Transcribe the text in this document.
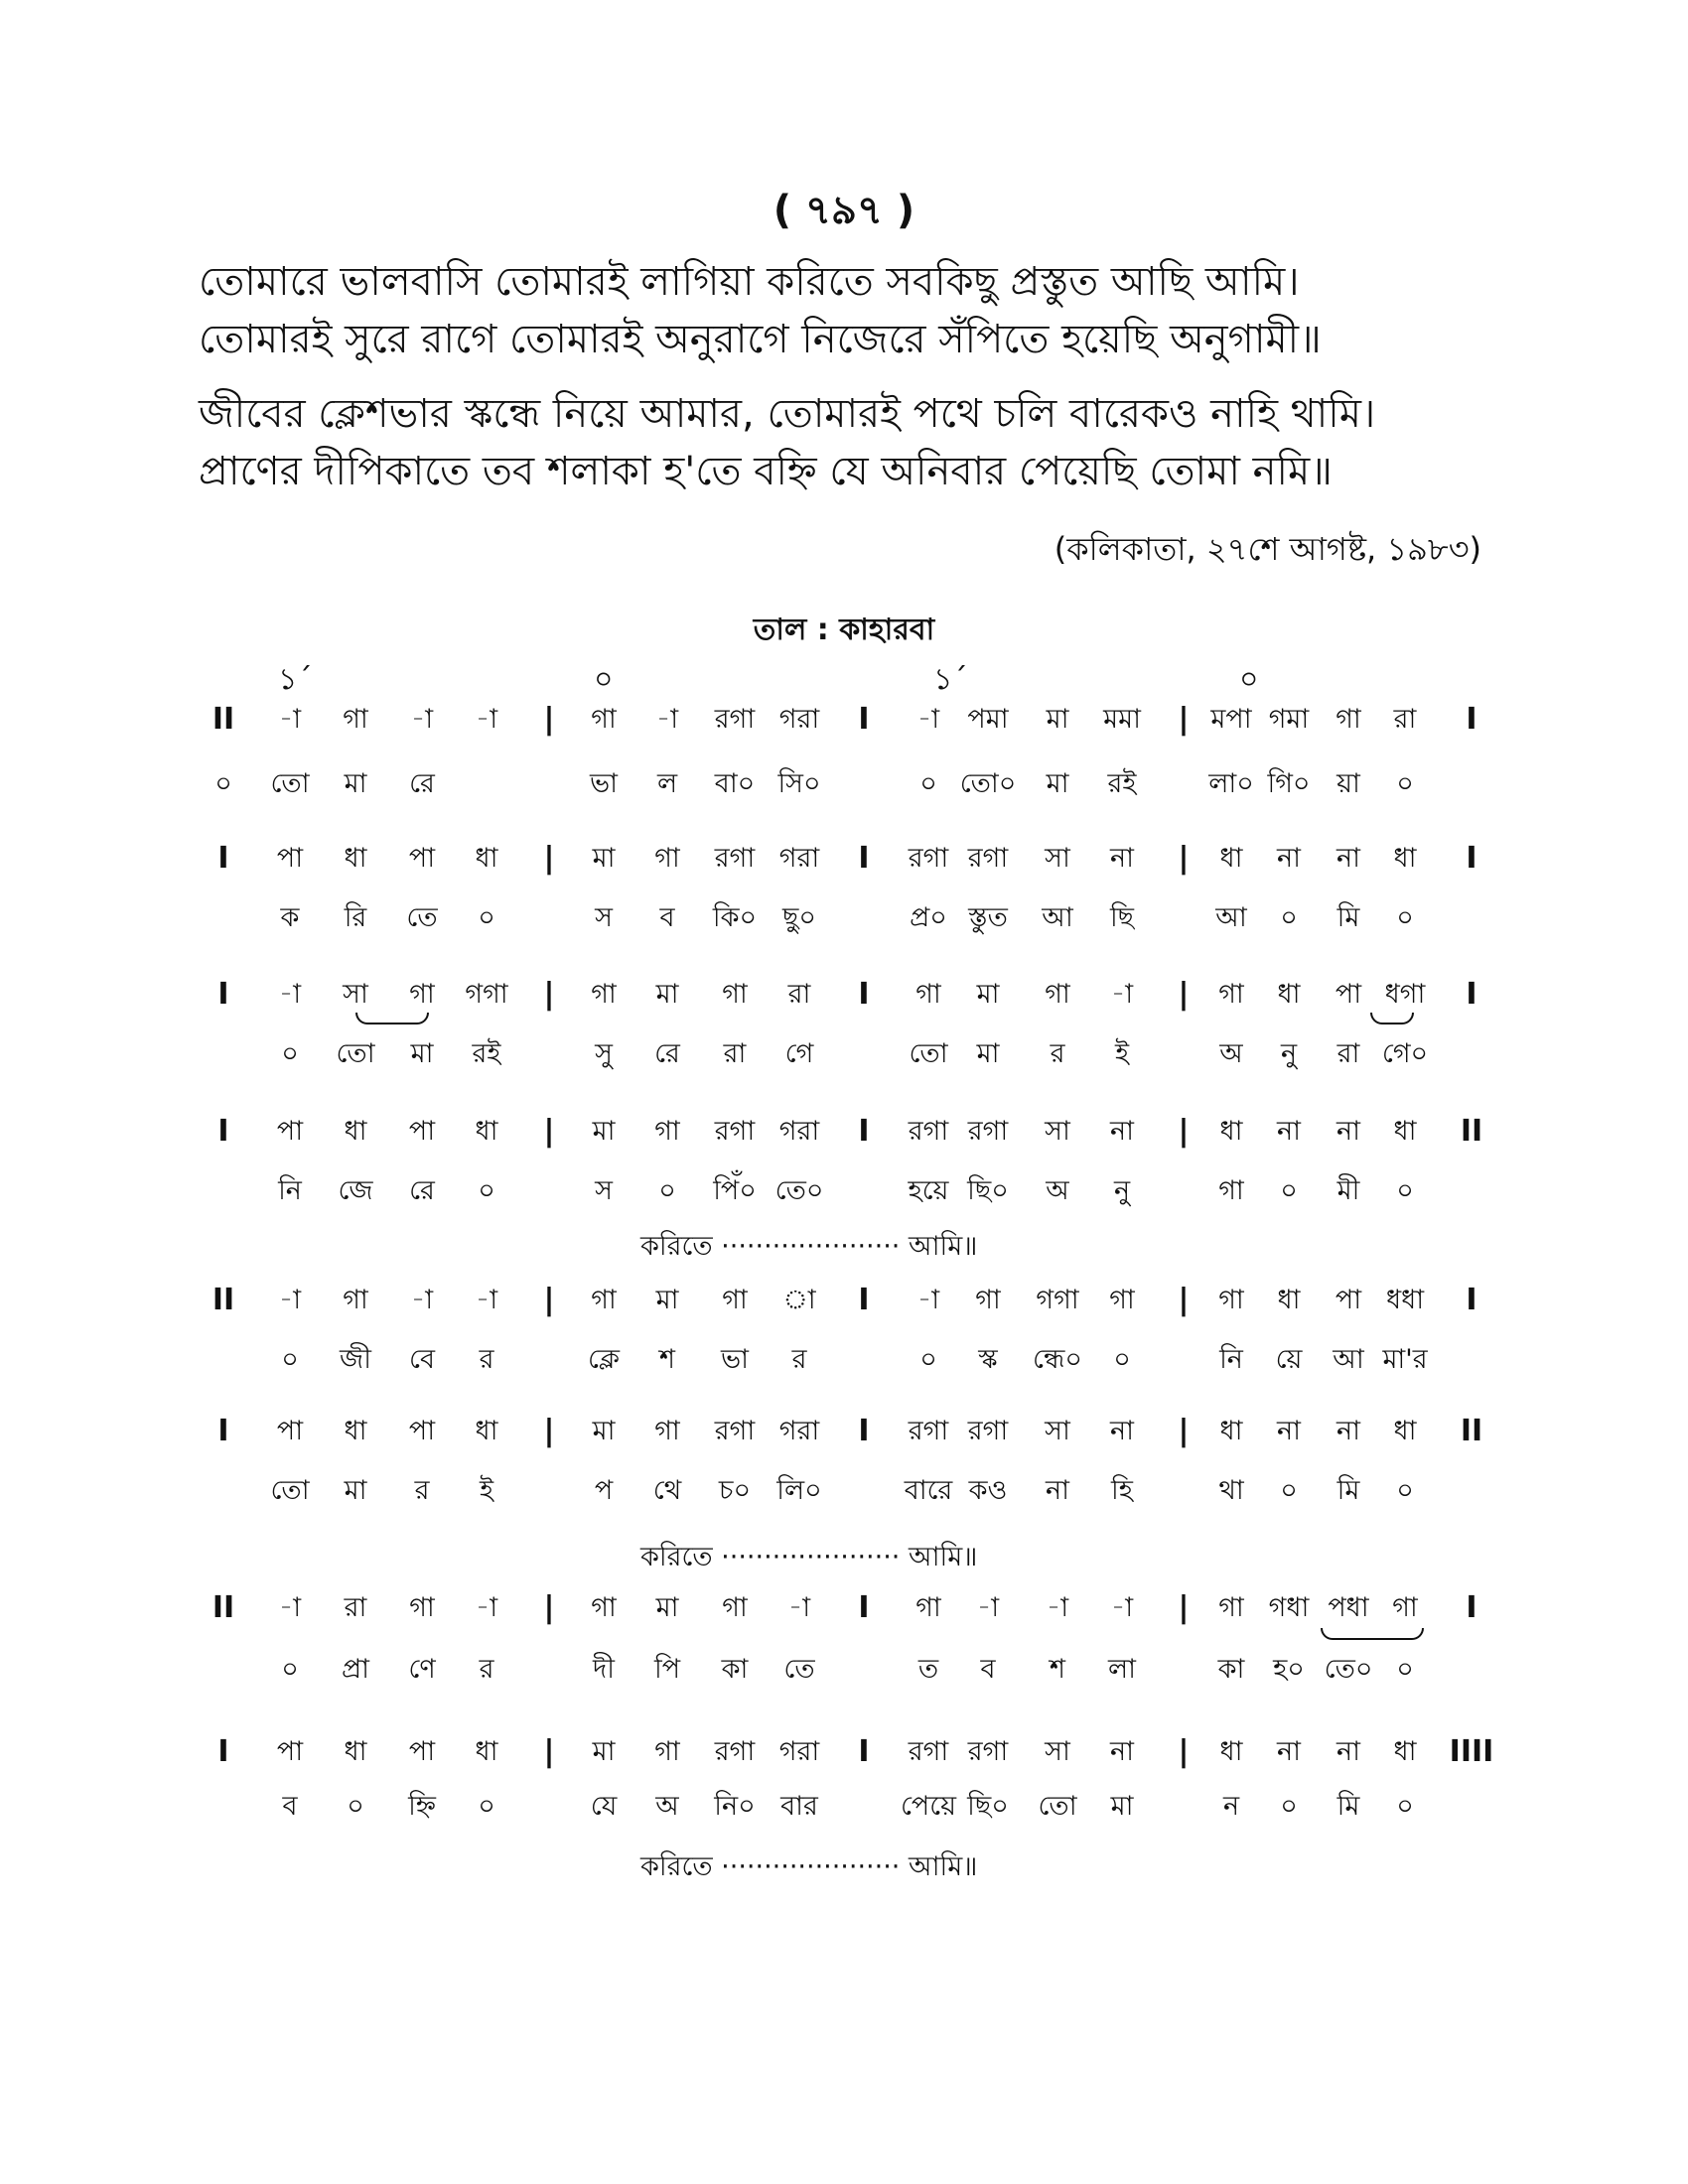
( ৭৯৭ )
তোমারে ভালবাসি তোমারই লাগিয়া করিতে সবকিছু প্রস্তুত আছি আমি।
তোমারই সুরে রাগে তোমারই অনুরাগে নিজেরে সঁপিতে হয়েছি অনুগামী॥
জীবের ক্লেশভার স্কন্ধে নিয়ে আমার, তোমারই পথে চলি বারেকও নাহি থামি।
প্রাণের দীপিকাতে তব শলাকা হ'তে বহ্নি যে অনিবার পেয়েছি তোমা নমি॥
(কলিকাতা, ২৭শে আগষ্ট, ১৯৮৩)
তাল : কাহারবা
১´	০	১´	০
II -া গা -া -া | গা -া রগা গরা I -া পমা মা মমা | মপা গমা গা রা I
০ তো মা রে	ভা ল বা০ সি০	০ তো০ মা রই	লা০ গি০ য়া ০
I পা ধা পা ধা | মা গা রগা গরা I রগা রগা সা না | ধা না না ধা I
ক রি তে ০	স ব কি০ ছু০	প্র০ স্তুত আ ছি	আ ০ মি ০
I -া সা গা গগা | গা মা গা রা I গা মা গা -া | গা ধা পা ধগা I
০ তো মা রই	সু রে রা গে	তো মা র ই	অ নু রা গে০
I পা ধা পা ধা | মা গা রগা গরা I রগা রগা সা না | ধা না না ধা II
নি জে রে ০	স ০ পিঁ০ তে০	হয়ে ছি০ অ নু	গা ০ মী ০
করিতে ····················· আমি॥
II -া গা -া -া | গা মা গা া I -া গা গগা গা | গা ধা পা ধধা I
০ জী বে র	ক্লে শ ভা র	০ স্ক ন্ধে০ ০	নি য়ে আ মা'র
I পা ধা পা ধা | মা গা রগা গরা I রগা রগা সা না | ধা না না ধা II
তো মা র ই	প থে চ০ লি০	বারে কও না হি	থা ০ মি ০
করিতে ····················· আমি॥
II -া রা গা -া | গা মা গা -া I গা -া -া -া | গা গধা পধা গা I
০ প্রা ণে র	দী পি কা তে	ত ব শ লা	কা হ০ তে০ ০
I পা ধা পা ধা | মা গা রগা গরা I রগা রগা সা না | ধা না না ধা IIII
ব ০ হ্নি ০	যে অ নি০ বার	পেয়ে ছি০ তো মা	ন ০ মি ০
করিতে ····················· আমি॥
